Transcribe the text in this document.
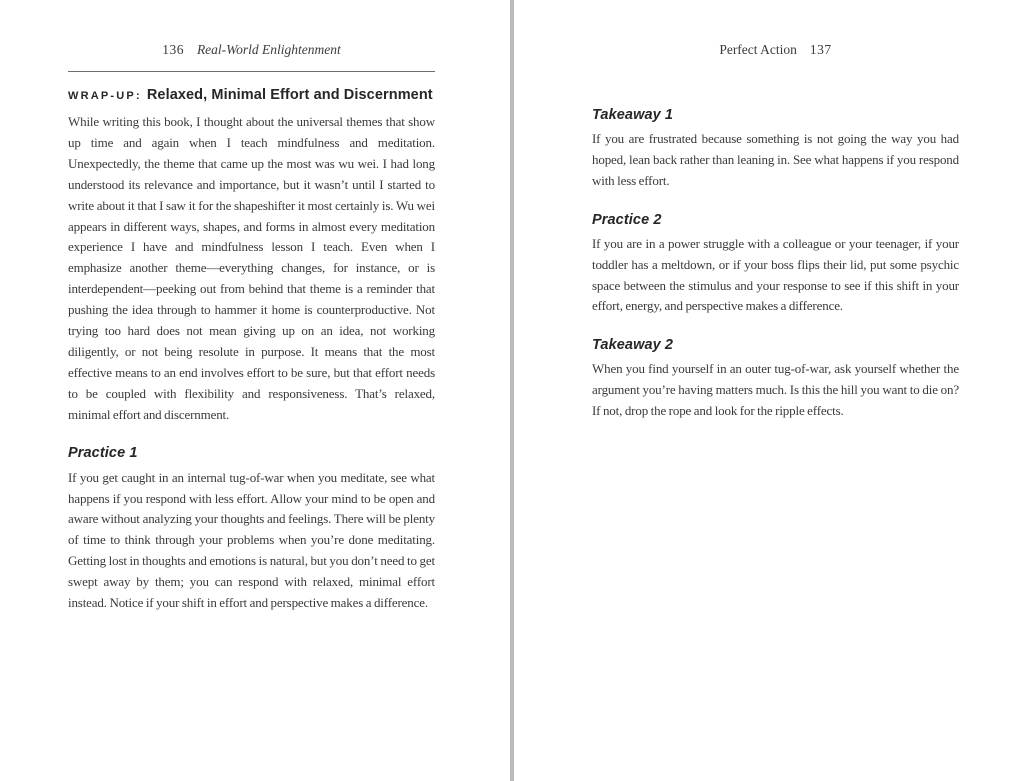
136 Real-World Enlightenment
WRAP-UP: Relaxed, Minimal Effort and Discernment

While writing this book, I thought about the universal themes that show up time and again when I teach mindfulness and meditation. Unexpectedly, the theme that came up the most was wu wei. I had long understood its relevance and importance, but it wasn’t until I started to write about it that I saw it for the shapeshifter it most certainly is. Wu wei appears in different ways, shapes, and forms in almost every meditation experience I have and mindfulness lesson I teach. Even when I emphasize another theme—everything changes, for instance, or is interdependent—peeking out from behind that theme is a reminder that pushing the idea through to hammer it home is counterproductive. Not trying too hard does not mean giving up on an idea, not working diligently, or not being resolute in purpose. It means that the most effective means to an end involves effort to be sure, but that effort needs to be coupled with flexibility and responsiveness. That’s relaxed, minimal effort and discernment.

Practice 1

If you get caught in an internal tug-of-war when you meditate, see what happens if you respond with less effort. Allow your mind to be open and aware without analyzing your thoughts and feelings. There will be plenty of time to think through your problems when you’re done meditating. Getting lost in thoughts and emotions is natural, but you don’t need to get swept away by them; you can respond with relaxed, minimal effort instead. Notice if your shift in effort and perspective makes a difference.

Perfect Action 137
Takeaway 1

If you are frustrated because something is not going the way you had hoped, lean back rather than leaning in. See what happens if you respond with less effort.

Practice 2

If you are in a power struggle with a colleague or your teenager, if your toddler has a meltdown, or if your boss flips their lid, put some psychic space between the stimulus and your response to see if this shift in your effort, energy, and perspective makes a difference.

Takeaway 2

When you find yourself in an outer tug-of-war, ask yourself whether the argument you’re having matters much. Is this the hill you want to die on? If not, drop the rope and look for the ripple effects.
